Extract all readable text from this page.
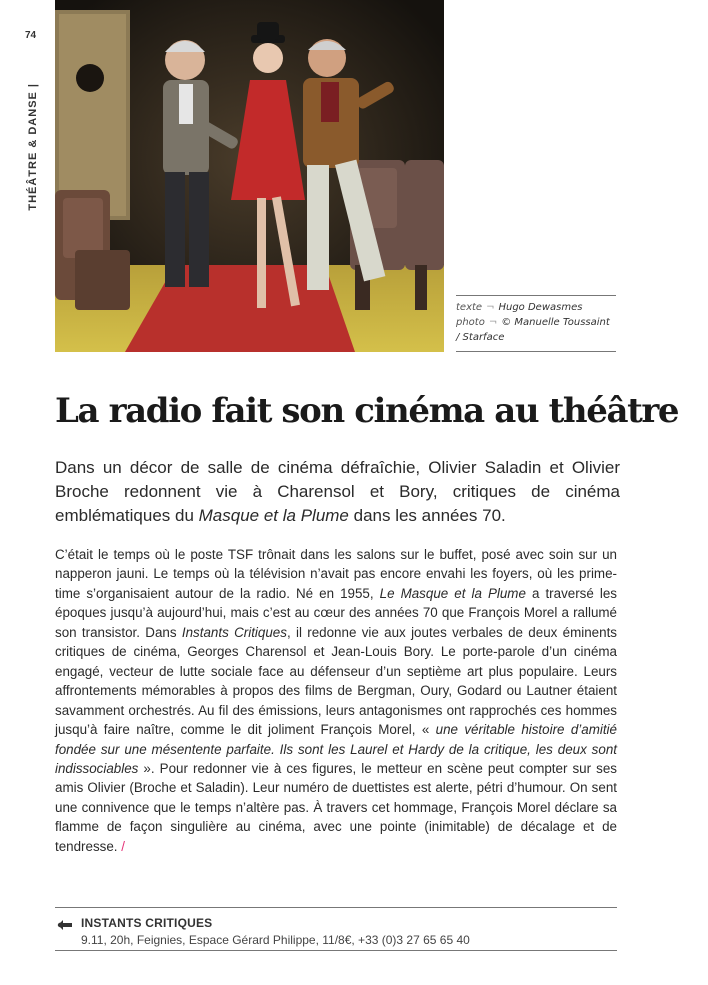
74
THÉÂTRE & DANSE |
texte ¬ Hugo Dewasmes
photo ¬ © Manuelle Toussaint / Starface
La radio fait son cinéma au théâtre

Dans un décor de salle de cinéma défraîchie, Olivier Saladin et Olivier Broche redonnent vie à Charensol et Bory, critiques de cinéma emblématiques du Masque et la Plume dans les années 70.

C’était le temps où le poste TSF trônait dans les salons sur le buffet, posé avec soin sur un napperon jauni. Le temps où la télévision n’avait pas encore envahi les foyers, où les prime-time s’organisaient autour de la radio. Né en 1955, Le Masque et la Plume a traversé les époques jusqu’à aujourd’hui, mais c’est au cœur des années 70 que François Morel a rallumé son transistor. Dans Instants Critiques, il redonne vie aux joutes verbales de deux éminents critiques de cinéma, Georges Charensol et Jean-Louis Bory. Le porte-parole d’un cinéma engagé, vecteur de lutte sociale face au défenseur d’un septième art plus populaire. Leurs affrontements mémorables à propos des films de Bergman, Oury, Godard ou Lautner étaient savamment orchestrés. Au fil des émissions, leurs antagonismes ont rapprochés ces hommes jusqu’à faire naître, comme le dit joliment François Morel, « une véritable histoire d’amitié fondée sur une mésentente parfaite. Ils sont les Laurel et Hardy de la critique, les deux sont indissociables ». Pour redonner vie à ces figures, le metteur en scène peut compter sur ses amis Olivier (Broche et Saladin). Leur numéro de duettistes est alerte, pétri d’humour. On sent une connivence que le temps n’altère pas. À travers cet hommage, François Morel déclare sa flamme de façon singulière au cinéma, avec une pointe (inimitable) de décalage et de tendresse. /

INSTANTS CRITIQUES
9.11, 20h, Feignies, Espace Gérard Philippe, 11/8€, +33 (0)3 27 65 65 40
